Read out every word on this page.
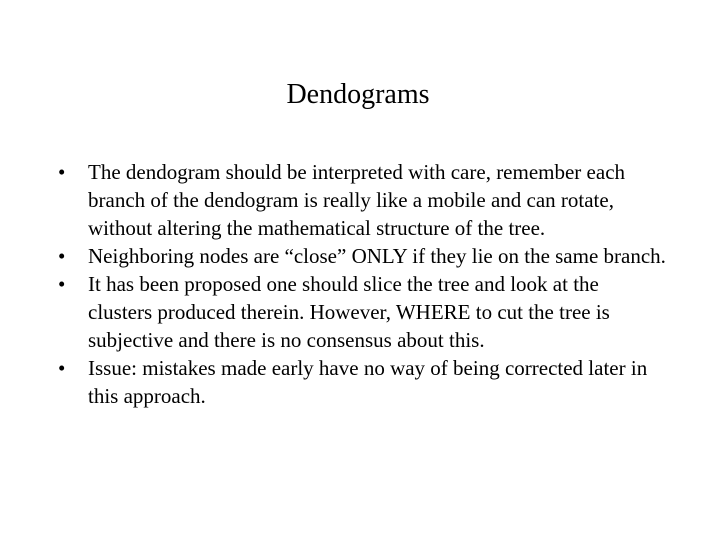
Dendograms
•	The dendogram should be interpreted with care, remember each branch of the dendogram is really like a mobile and can rotate, without altering the mathematical structure of the tree.
•	Neighboring nodes are “close” ONLY if they lie on the same branch.
•	It has been proposed one should slice the tree and look at the clusters produced therein. However, WHERE to cut the tree is subjective and there is no consensus about this.
•	Issue: mistakes made early have no way of being corrected later in this approach.
